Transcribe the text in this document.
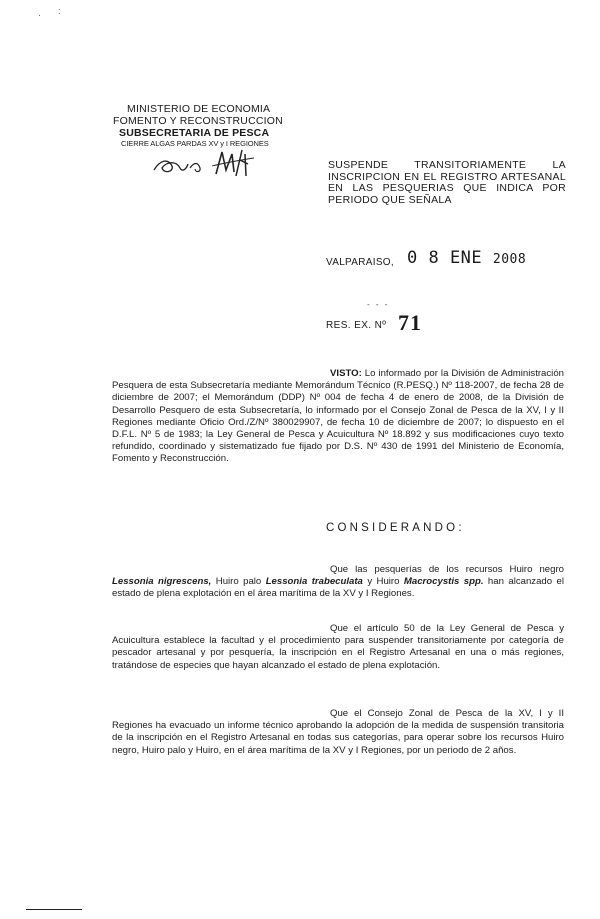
· :
MINISTERIO DE ECONOMIA
FOMENTO Y RECONSTRUCCION
SUBSECRETARIA DE PESCA
CIERRE ALGAS PARDAS XV y I REGIONES
SUSPENDE TRANSITORIAMENTE LA INSCRIPCION EN EL REGISTRO ARTESANAL EN LAS PESQUERIAS QUE INDICA POR PERIODO QUE SEÑALA
VALPARAISO, 0 8 ENE 2008
- - -
RES. EX. Nº 71
VISTO: Lo informado por la División de Administración Pesquera de esta Subsecretaría mediante Memorándum Técnico (R.PESQ.) Nº 118-2007, de fecha 28 de diciembre de 2007; el Memorándum (DDP) Nº 004 de fecha 4 de enero de 2008, de la División de Desarrollo Pesquero de esta Subsecretaría, lo informado por el Consejo Zonal de Pesca de la XV, I y II Regiones mediante Oficio Ord./Z/Nº 380029907, de fecha 10 de diciembre de 2007; lo dispuesto en el D.F.L. Nº 5 de 1983; la Ley General de Pesca y Acuicultura Nº 18.892 y sus modificaciones cuyo texto refundido, coordinado y sistematizado fue fijado por D.S. Nº 430 de 1991 del Ministerio de Economía, Fomento y Reconstrucción.
CONSIDERANDO:
Que las pesquerías de los recursos Huiro negro Lessonia nigrescens, Huiro palo Lessonia trabeculata y Huiro Macrocystis spp. han alcanzado el estado de plena explotación en el área marítima de la XV y I Regiones.
Que el artículo 50 de la Ley General de Pesca y Acuicultura establece la facultad y el procedimiento para suspender transitoriamente por categoría de pescador artesanal y por pesquería, la inscripción en el Registro Artesanal en una o más regiones, tratándose de especies que hayan alcanzado el estado de plena explotación.
Que el Consejo Zonal de Pesca de la XV, I y II Regiones ha evacuado un informe técnico aprobando la adopción de la medida de suspensión transitoria de la inscripción en el Registro Artesanal en todas sus categorías, para operar sobre los recursos Huiro negro, Huiro palo y Huiro, en el área marítima de la XV y I Regiones, por un periodo de 2 años.
